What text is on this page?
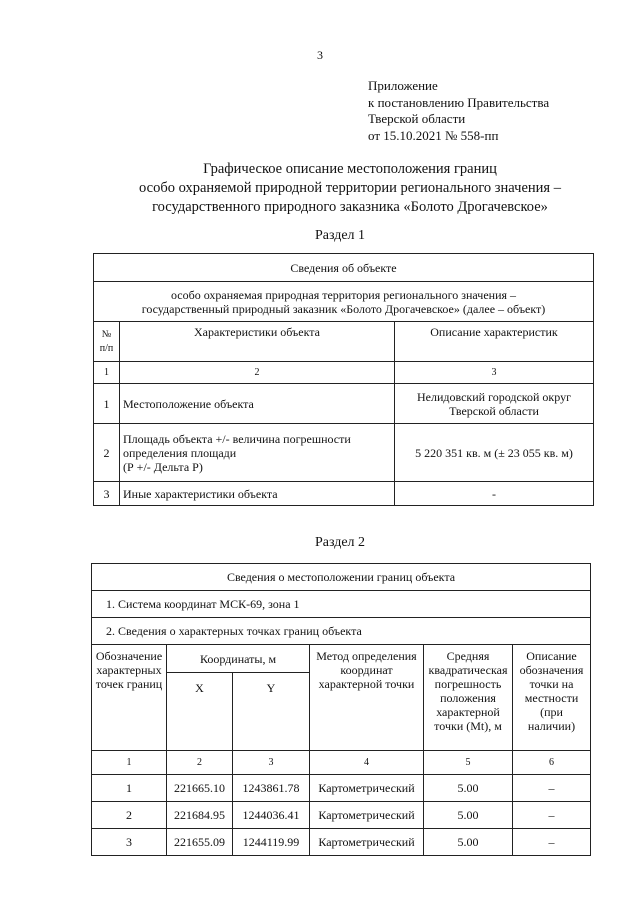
3
Приложение
к постановлению Правительства
Тверской области
от 15.10.2021 № 558-пп
Графическое описание местоположения границ
особо охраняемой природной территории регионального значения –
государственного природного заказника «Болото Дрогачевское»
Раздел 1
Сведения об объекте		

особо охраняемая природная территория регионального значения –
государственный природный заказник «Болото Дрогачевское» (далее – объект)		

№ п/п	Характеристики объекта	Описание характеристик
1	2	3
1	Местоположение объекта	Нелидовский городской округ
Тверской области

2	Площадь объекта +/- величина погрешности
определения площади
(Р +/- Дельта Р)	5 220 351 кв. м (± 23 055 кв. м)
3	Иные характеристики объекта	-
Раздел 2
Сведения о местоположении границ объекта					
1. Система координат МСК-69, зона 1					
2. Сведения о характерных точках границ объекта					
Обозначение характерных точек границ	Координаты, м		Метод определения координат характерной точки	Средняя квадратическая погрешность положения характерной точки (Mt), м	Описание обозначения точки на местности (при наличии)
	X	Y			
1	2	3	4	5	6
1	221665.10	1243861.78	Картометрический	5.00	–
2	221684.95	1244036.41	Картометрический	5.00	–
3	221655.09	1244119.99	Картометрический	5.00	–
